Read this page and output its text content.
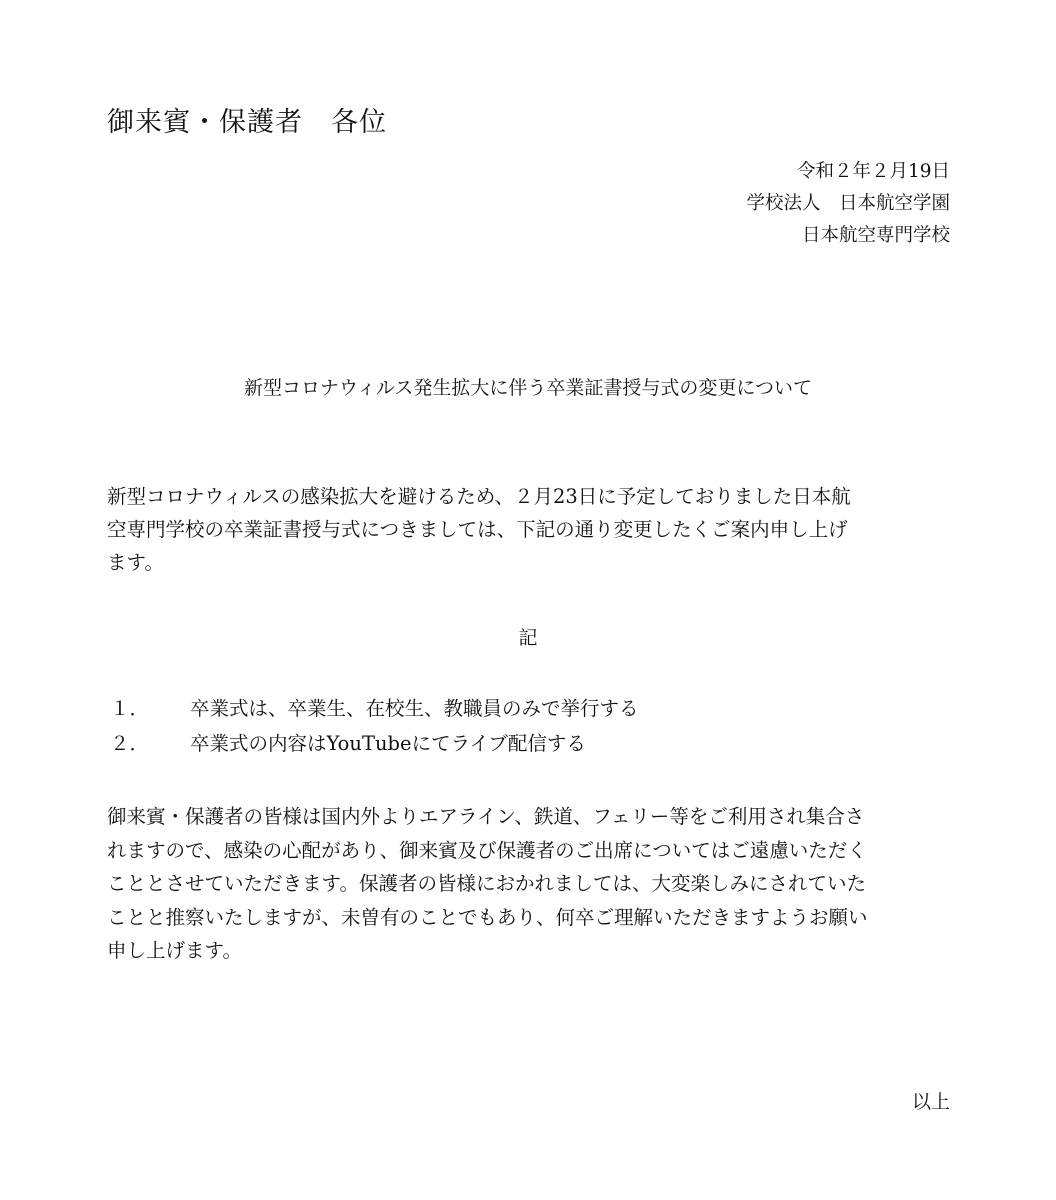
御来賓・保護者　各位
令和２年２月19日
学校法人　日本航空学園
日本航空専門学校
新型コロナウィルス発生拡大に伴う卒業証書授与式の変更について
新型コロナウィルスの感染拡大を避けるため、２月23日に予定しておりました日本航
空専門学校の卒業証書授与式につきましては、下記の通り変更したくご案内申し上げ
ます。
記
１． 卒業式は、卒業生、在校生、教職員のみで挙行する
２． 卒業式の内容はYouTubeにてライブ配信する
御来賓・保護者の皆様は国内外よりエアライン、鉄道、フェリー等をご利用され集合さ
れますので、感染の心配があり、御来賓及び保護者のご出席についてはご遠慮いただく
こととさせていただきます。保護者の皆様におかれましては、大変楽しみにされていた
ことと推察いたしますが、未曽有のことでもあり、何卒ご理解いただきますようお願い
申し上げます。
以上
